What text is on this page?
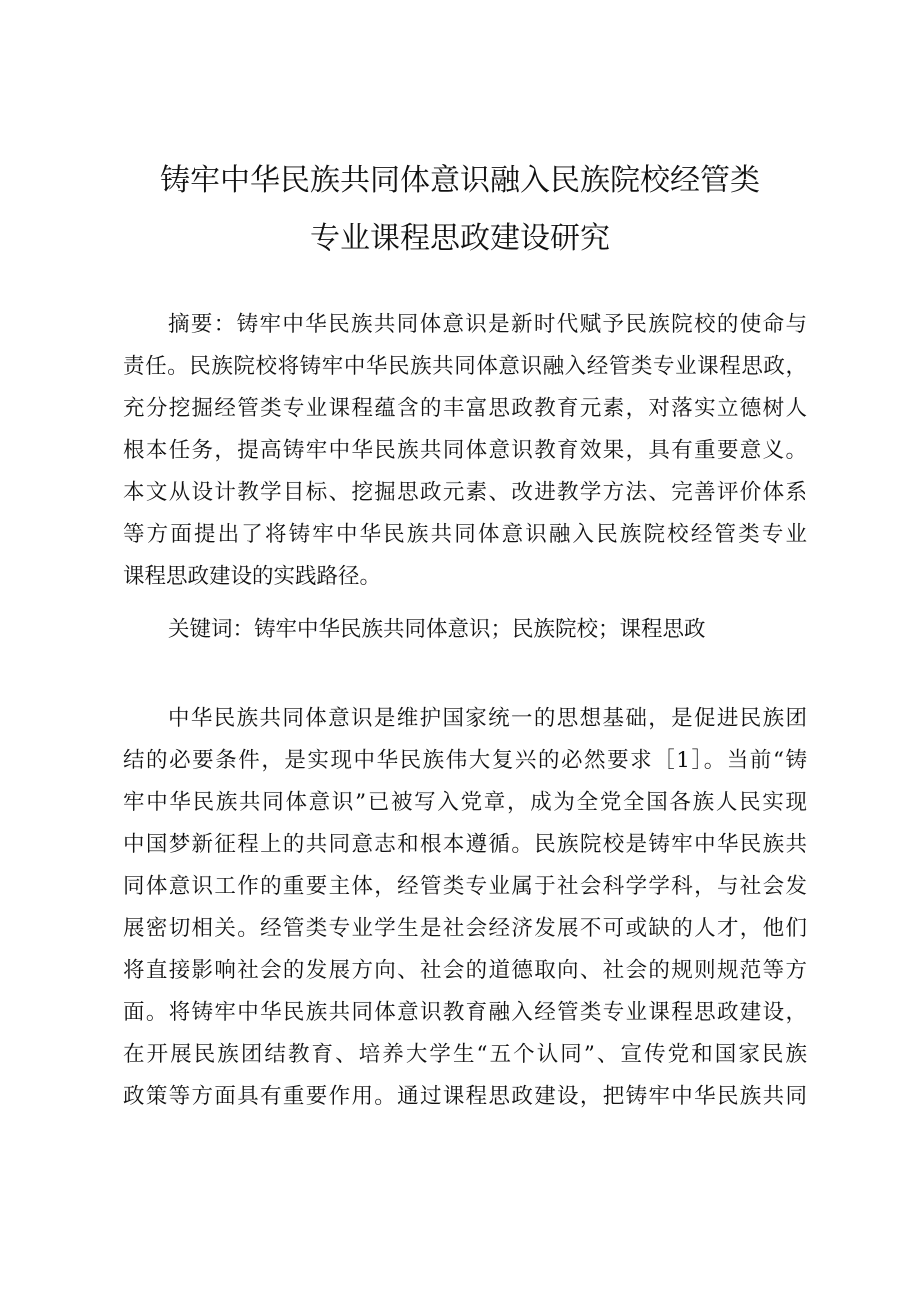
铸牢中华民族共同体意识融入民族院校经管类
专业课程思政建设研究
摘要：铸牢中华民族共同体意识是新时代赋予民族院校的使命与
责任。民族院校将铸牢中华民族共同体意识融入经管类专业课程思政，
充分挖掘经管类专业课程蕴含的丰富思政教育元素，对落实立德树人
根本任务，提高铸牢中华民族共同体意识教育效果，具有重要意义。
本文从设计教学目标、挖掘思政元素、改进教学方法、完善评价体系
等方面提出了将铸牢中华民族共同体意识融入民族院校经管类专业
课程思政建设的实践路径。
关键词：铸牢中华民族共同体意识；民族院校；课程思政
中华民族共同体意识是维护国家统一的思想基础，是促进民族团
结的必要条件，是实现中华民族伟大复兴的必然要求［1］。当前“铸
牢中华民族共同体意识”已被写入党章，成为全党全国各族人民实现
中国梦新征程上的共同意志和根本遵循。民族院校是铸牢中华民族共
同体意识工作的重要主体，经管类专业属于社会科学学科，与社会发
展密切相关。经管类专业学生是社会经济发展不可或缺的人才，他们
将直接影响社会的发展方向、社会的道德取向、社会的规则规范等方
面。将铸牢中华民族共同体意识教育融入经管类专业课程思政建设，
在开展民族团结教育、培养大学生“五个认同”、宣传党和国家民族
政策等方面具有重要作用。通过课程思政建设，把铸牢中华民族共同
